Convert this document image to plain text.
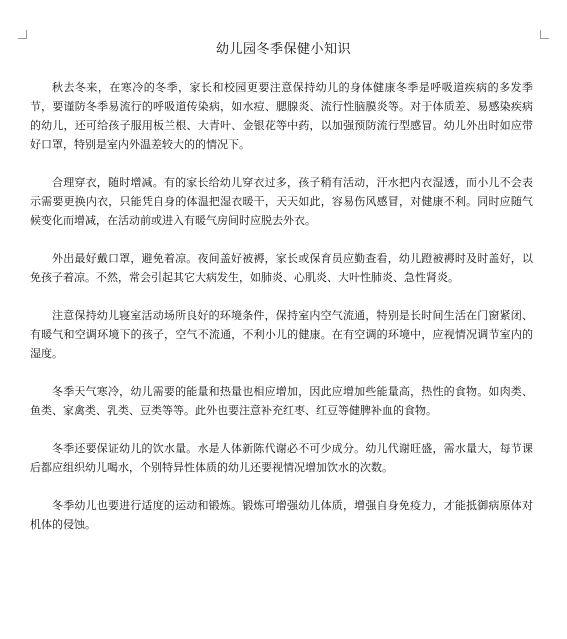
幼儿园冬季保健小知识

秋去冬来，在寒冷的冬季，家长和校园更要注意保持幼儿的身体健康冬季是呼吸道疾病的多发季节，要谨防冬季易流行的呼吸道传染病，如水痘、腮腺炎、流行性脑膜炎等。对于体质差、易感染疾病的幼儿，还可给孩子服用板兰根、大青叶、金银花等中药，以加强预防流行型感冒。幼儿外出时如应带好口罩，特别是室内外温差较大的的情况下。

合理穿衣，随时增减。有的家长给幼儿穿衣过多，孩子稍有活动，汗水把内衣湿透，而小儿不会表示需要更换内衣，只能凭自身的体温把湿衣暖干，天天如此，容易伤风感冒，对健康不利。同时应随气候变化而增减，在活动前或进入有暖气房间时应脱去外衣。

外出最好戴口罩，避免着凉。夜间盖好被褥，家长或保育员应勤查看，幼儿蹬被褥时及时盖好，以免孩子着凉。不然，常会引起其它大病发生，如肺炎、心肌炎、大叶性肺炎、急性肾炎。

注意保持幼儿寝室活动场所良好的环境条件，保持室内空气流通，特别是长时间生活在门窗紧闭、有暖气和空调环境下的孩子，空气不流通，不利小儿的健康。在有空调的环境中，应视情况调节室内的湿度。

冬季天气寒冷，幼儿需要的能量和热量也相应增加，因此应增加些能量高，热性的食物。如肉类、鱼类、家禽类、乳类、豆类等等。此外也要注意补充红枣、红豆等健脾补血的食物。

冬季还要保证幼儿的饮水量。水是人体新陈代谢必不可少成分。幼儿代谢旺盛，需水量大，每节课后都应组织幼儿喝水，个别特异性体质的幼儿还要视情况增加饮水的次数。

冬季幼儿也要进行适度的运动和锻炼。锻炼可增强幼儿体质，增强自身免疫力，才能抵御病原体对机体的侵蚀。
